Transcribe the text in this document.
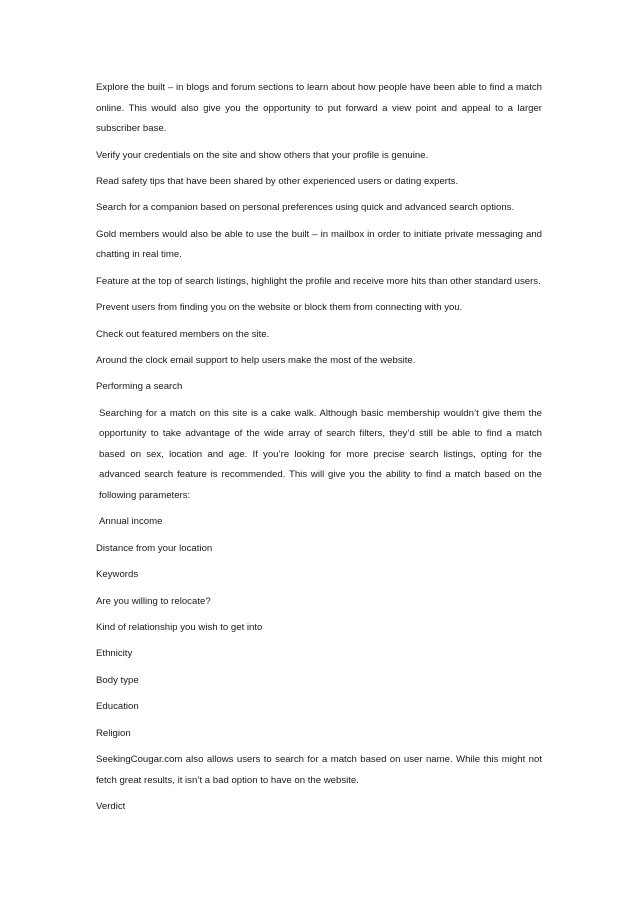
Explore the built – in blogs and forum sections to learn about how people have been able to find a match online. This would also give you the opportunity to put forward a view point and appeal to a larger subscriber base.

Verify your credentials on the site and show others that your profile is genuine.

Read safety tips that have been shared by other experienced users or dating experts.

Search for a companion based on personal preferences using quick and advanced search options.

Gold members would also be able to use the built – in mailbox in order to initiate private messaging and chatting in real time.

Feature at the top of search listings, highlight the profile and receive more hits than other standard users.

Prevent users from finding you on the website or block them from connecting with you.

Check out featured members on the site.

Around the clock email support to help users make the most of the website.

Performing a search

Searching for a match on this site is a cake walk. Although basic membership wouldn’t give them the opportunity to take advantage of the wide array of search filters, they’d still be able to find a match based on sex, location and age. If you’re looking for more precise search listings, opting for the advanced search feature is recommended. This will give you the ability to find a match based on the following parameters:

Annual income

Distance from your location

Keywords

Are you willing to relocate?

Kind of relationship you wish to get into

Ethnicity

Body type

Education

Religion

SeekingCougar.com also allows users to search for a match based on user name. While this might not fetch great results, it isn’t a bad option to have on the website.

Verdict
